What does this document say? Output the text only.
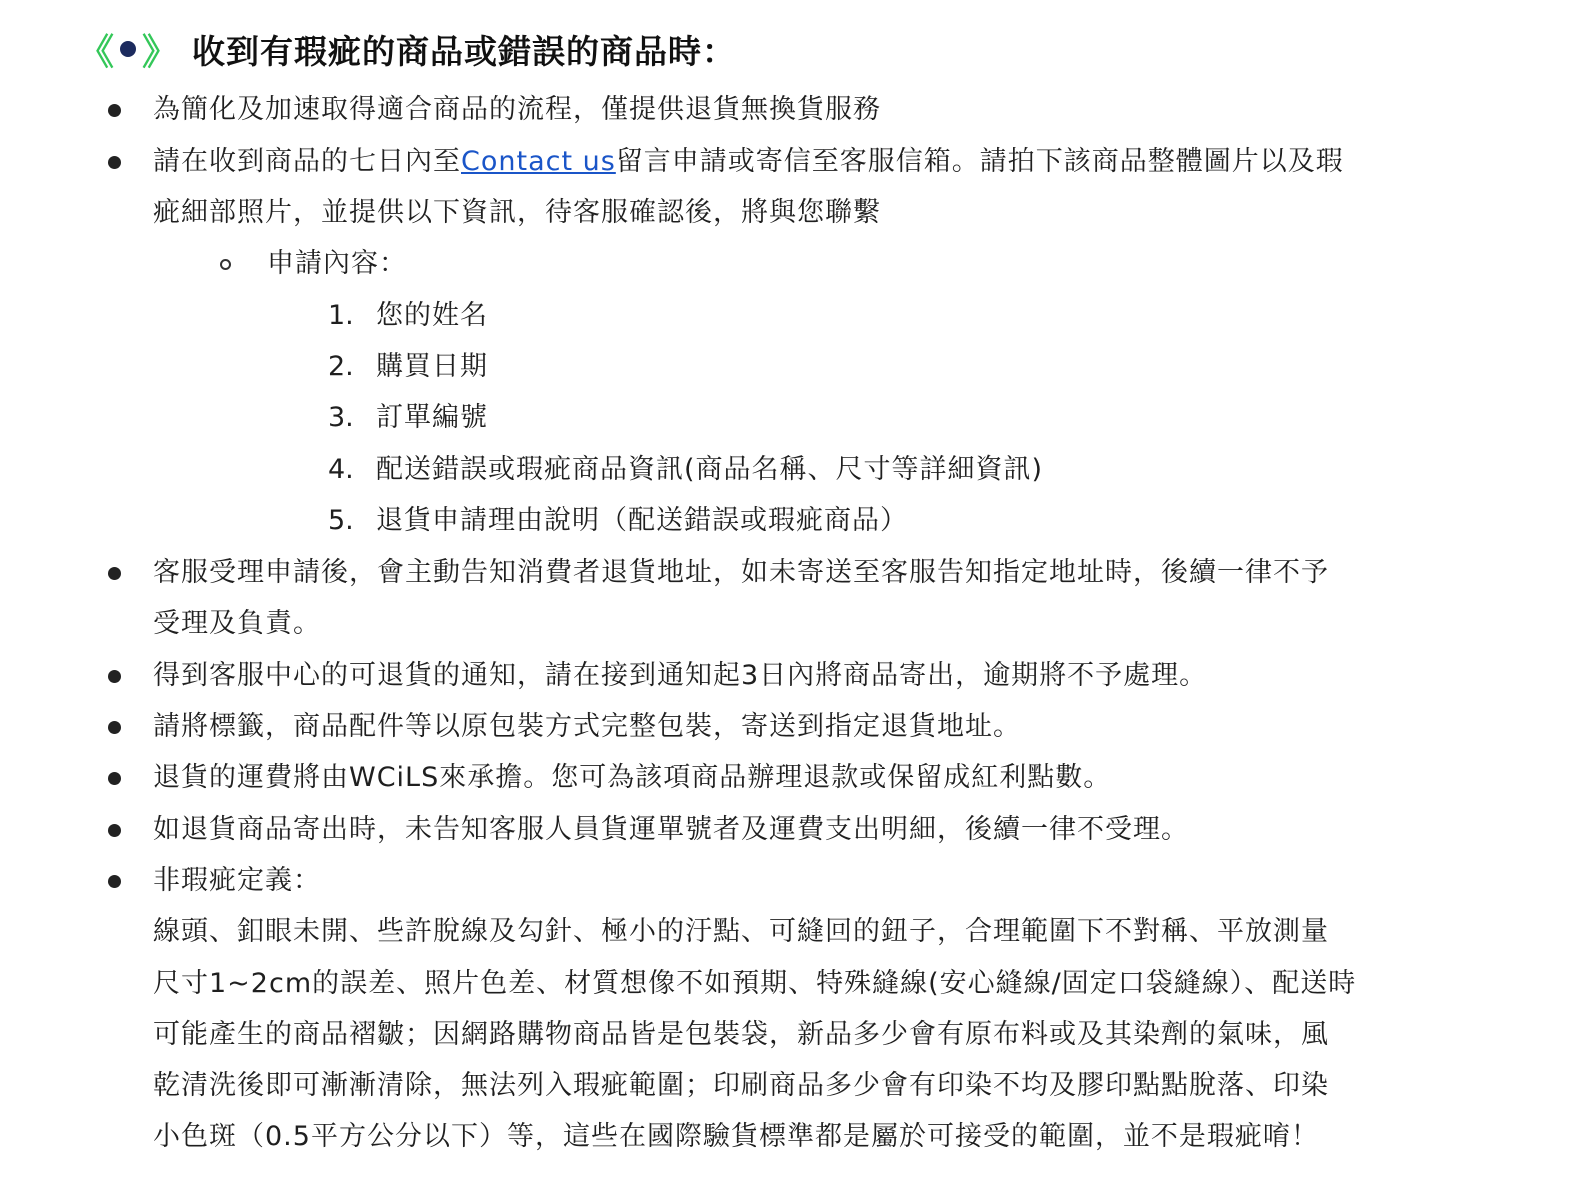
《 》 收到有瑕疵的商品或錯誤的商品時：
為簡化及加速取得適合商品的流程，僅提供退貨無換貨服務
請在收到商品的七日內至Contact us留言申請或寄信至客服信箱。請拍下該商品整體圖片以及瑕
疵細部照片，並提供以下資訊，待客服確認後，將與您聯繫
申請內容：
1. 您的姓名
2. 購買日期
3. 訂單編號
4. 配送錯誤或瑕疵商品資訊(商品名稱、尺寸等詳細資訊)
5. 退貨申請理由說明（配送錯誤或瑕疵商品）
客服受理申請後，會主動告知消費者退貨地址，如未寄送至客服告知指定地址時，後續一律不予
受理及負責。
得到客服中心的可退貨的通知，請在接到通知起3日內將商品寄出，逾期將不予處理。
請將標籤，商品配件等以原包裝方式完整包裝，寄送到指定退貨地址。
退貨的運費將由WCiLS來承擔。您可為該項商品辦理退款或保留成紅利點數。
如退貨商品寄出時，未告知客服人員貨運單號者及運費支出明細，後續一律不受理。
非瑕疵定義：
線頭、釦眼未開、些許脫線及勾針、極小的汙點、可縫回的鈕子，合理範圍下不對稱、平放測量
尺寸1~2cm的誤差、照片色差、材質想像不如預期、特殊縫線(安心縫線/固定口袋縫線）、配送時
可能產生的商品褶皺；因網路購物商品皆是包裝袋，新品多少會有原布料或及其染劑的氣味，風
乾清洗後即可漸漸清除，無法列入瑕疵範圍；印刷商品多少會有印染不均及膠印點點脫落、印染
小色斑（0.5平方公分以下）等，這些在國際驗貨標準都是屬於可接受的範圍，並不是瑕疵唷！
